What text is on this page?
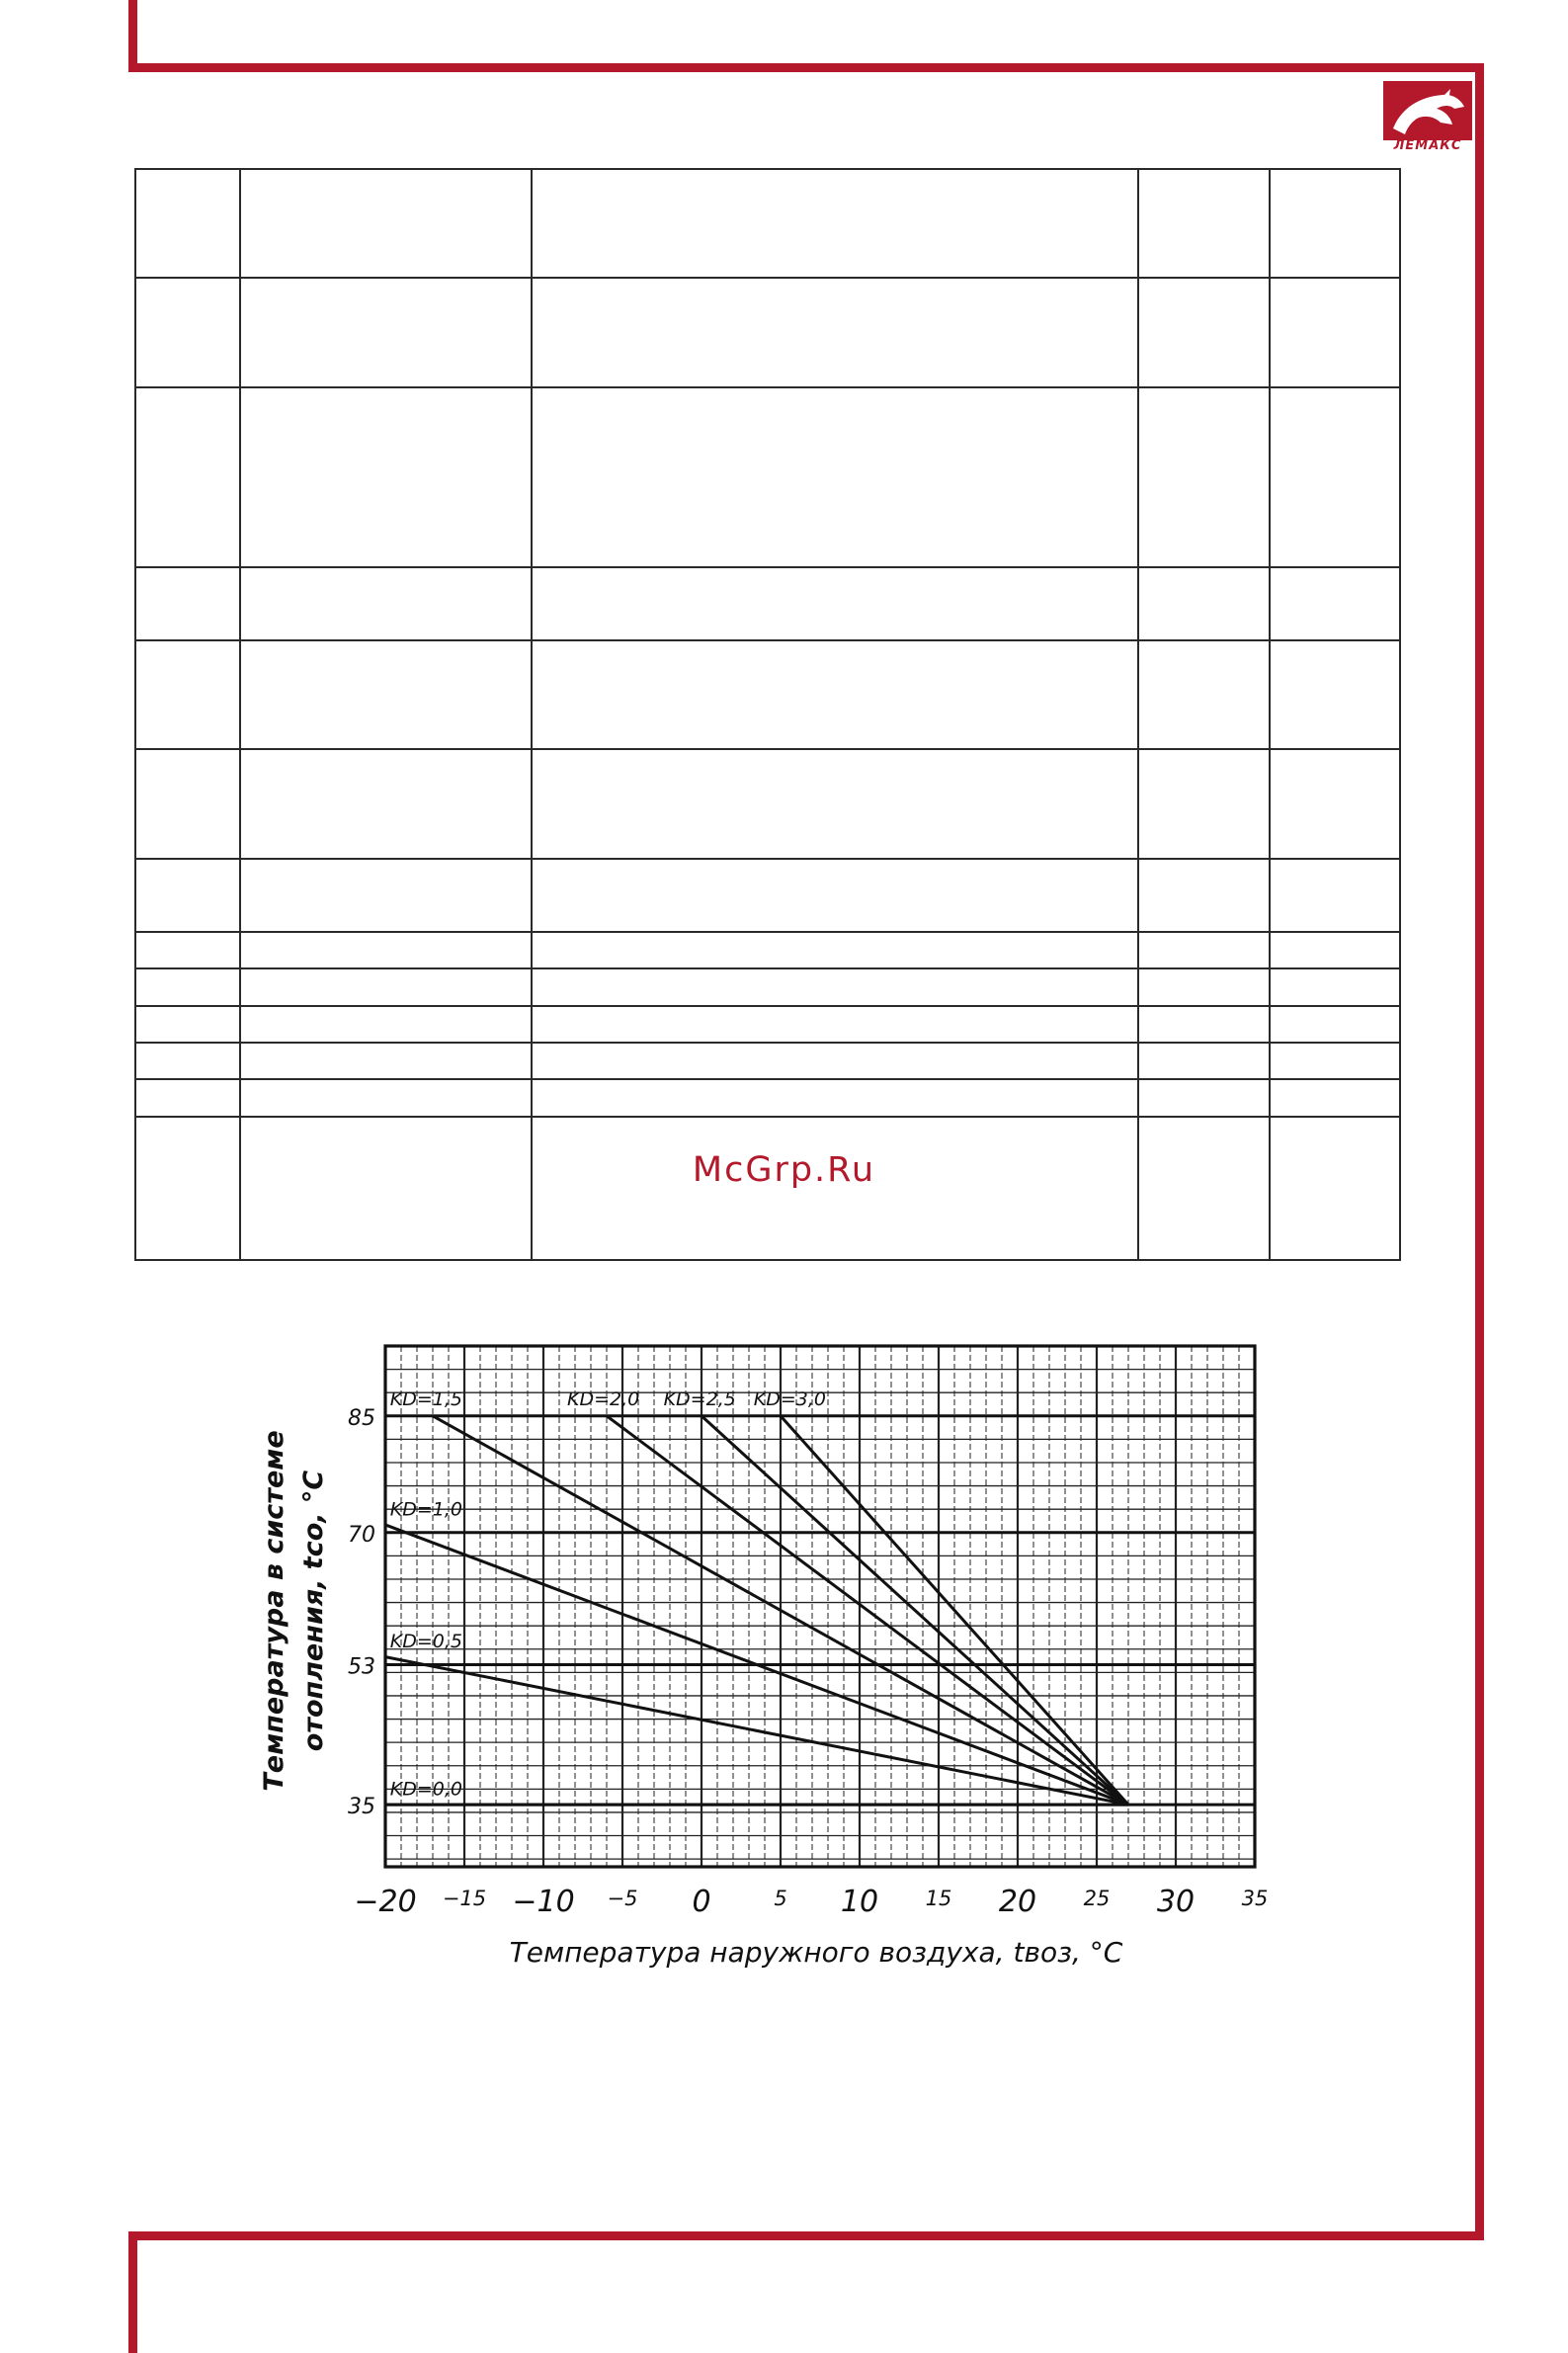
ЛЕМАКС

McGrp.Ru
KD=0,0
KD=0,5
KD=1,0
KD=1,5	KD=2,0 KD=2,5 KD=3,0
35
53
70
85
−20	−10	0	10	20	30
−15	−5	5	15	25	35
Температура в системе отопления, tсо, °С
Температура наружного воздуха, tвоз, °С
